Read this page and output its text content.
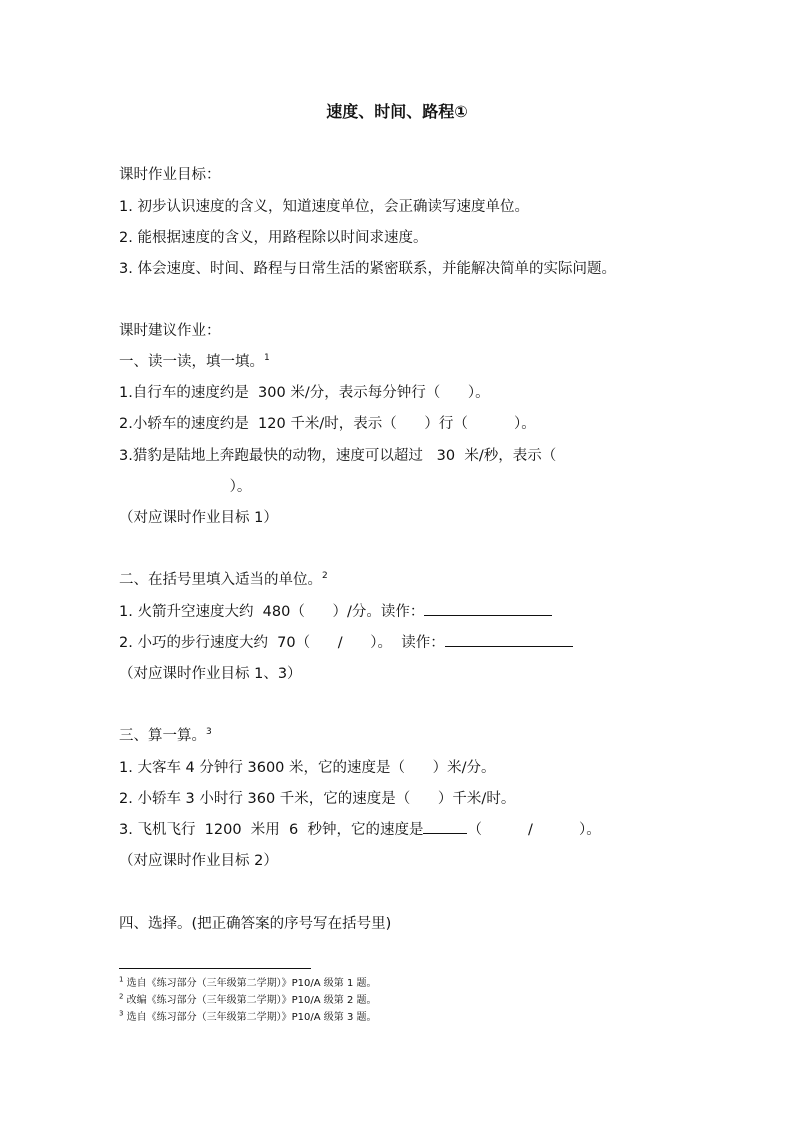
速度、时间、路程①
课时作业目标：
1. 初步认识速度的含义，知道速度单位，会正确读写速度单位。
2. 能根据速度的含义，用路程除以时间求速度。
3. 体会速度、时间、路程与日常生活的紧密联系，并能解决简单的实际问题。
课时建议作业：
一、读一读，填一填。$^1$
1.自行车的速度约是  300 米/分，表示每分钟行（      ）。
2.小轿车的速度约是  120 千米/时，表示（      ）行（          ）。
3.猎豹是陆地上奔跑最快的动物，速度可以超过   30  米/秒，表示（
）。
（对应课时作业目标 1）
二、在括号里填入适当的单位。$^2$
1. 火箭升空速度大约  480（      ）/分。读作：
2. 小巧的步行速度大约  70（      /      ）。  读作：
（对应课时作业目标 1、3）
三、算一算。$^3$
1. 大客车 4 分钟行 3600 米，它的速度是（      ）米/分。
2. 小轿车 3 小时行 360 千米，它的速度是（      ）千米/时。
3. 飞机飞行  1200  米用  6  秒钟，它的速度是	（          /          ）。
（对应课时作业目标 2）
四、选择。(把正确答案的序号写在括号里)
$^1$ 选自《练习部分（三年级第二学期）》P10/A 级第 1 题。
$^2$ 改编《练习部分（三年级第二学期）》P10/A 级第 2 题。
$^3$ 选自《练习部分（三年级第二学期）》P10/A 级第 3 题。
